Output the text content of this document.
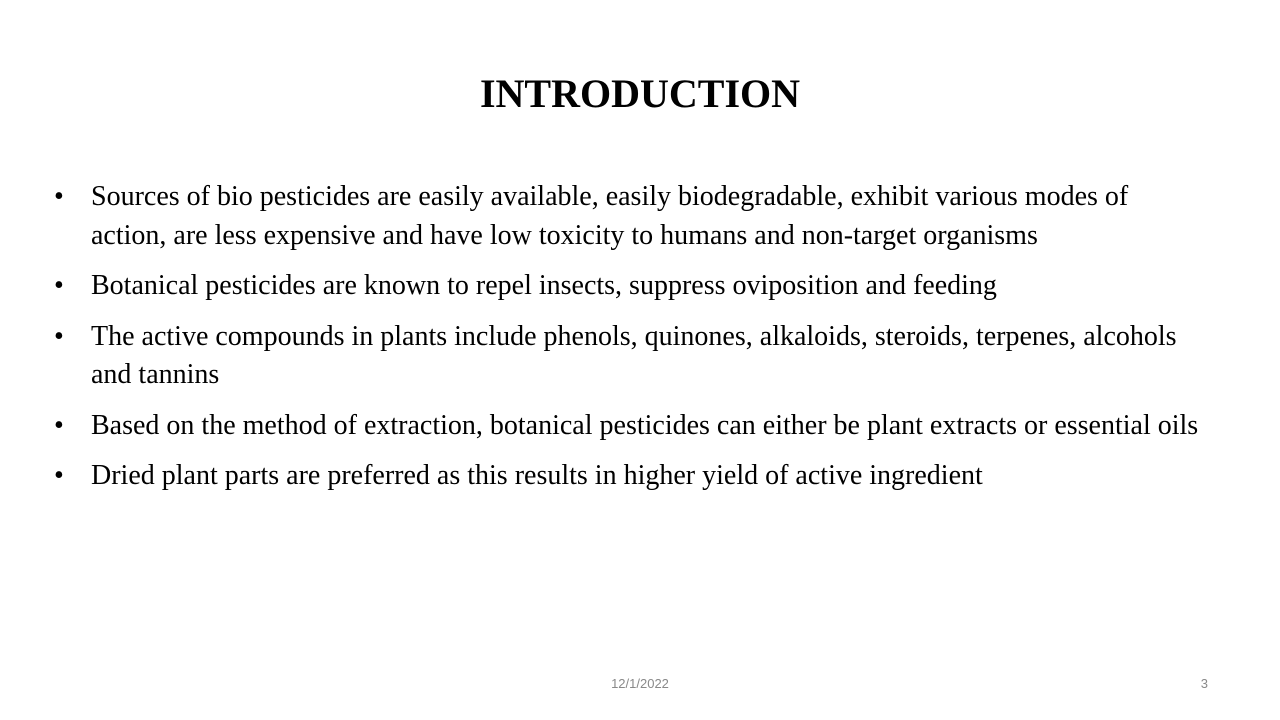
INTRODUCTION
• Sources of bio pesticides are easily available, easily biodegradable, exhibit various modes of action, are less expensive and have low toxicity to humans and non-target organisms
• Botanical pesticides are known to repel insects, suppress oviposition and feeding
• The active compounds in plants include phenols, quinones, alkaloids, steroids, terpenes, alcohols and tannins
• Based on the method of extraction, botanical pesticides can either be plant extracts or essential oils
• Dried plant parts are preferred as this results in higher yield of active ingredient
12/1/2022	3
